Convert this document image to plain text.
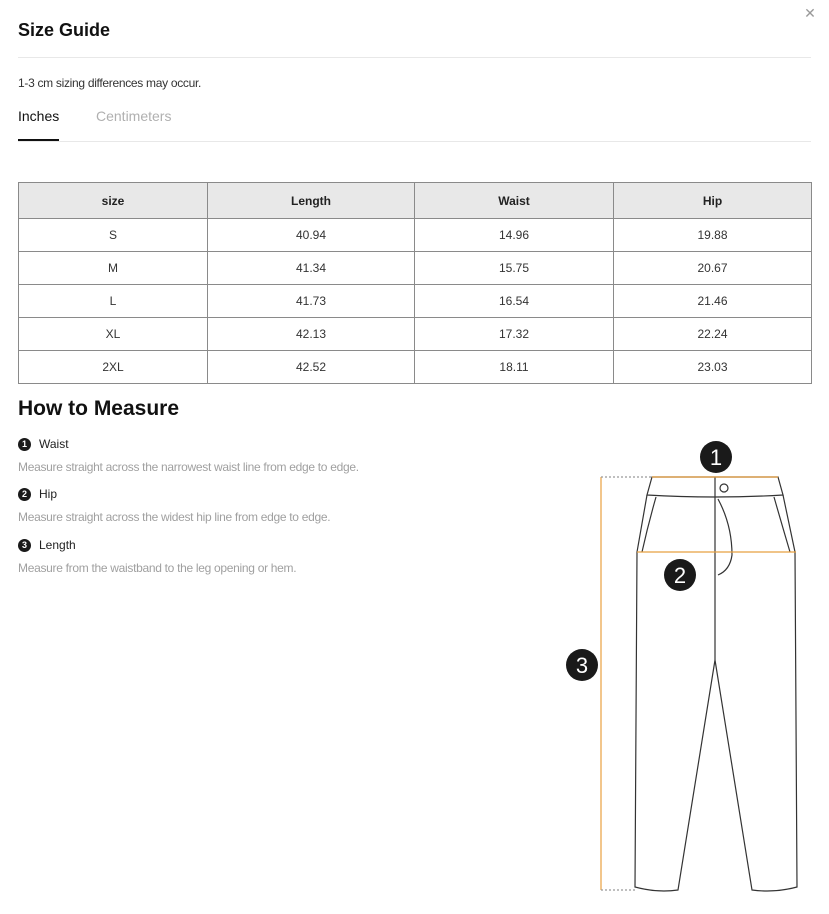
✕
Size Guide
1-3 cm sizing differences may occur.
Inches	Centimeters
size	Length	Waist	Hip
S	40.94	14.96	19.88
M	41.34	15.75	20.67
L	41.73	16.54	21.46
XL	42.13	17.32	22.24
2XL	42.52	18.11	23.03
How to Measure
1	Waist
Measure straight across the narrowest waist line from edge to edge.
2	Hip
Measure straight across the widest hip line from edge to edge.
3	Length
Measure from the waistband to the leg opening or hem.
1
2
3
